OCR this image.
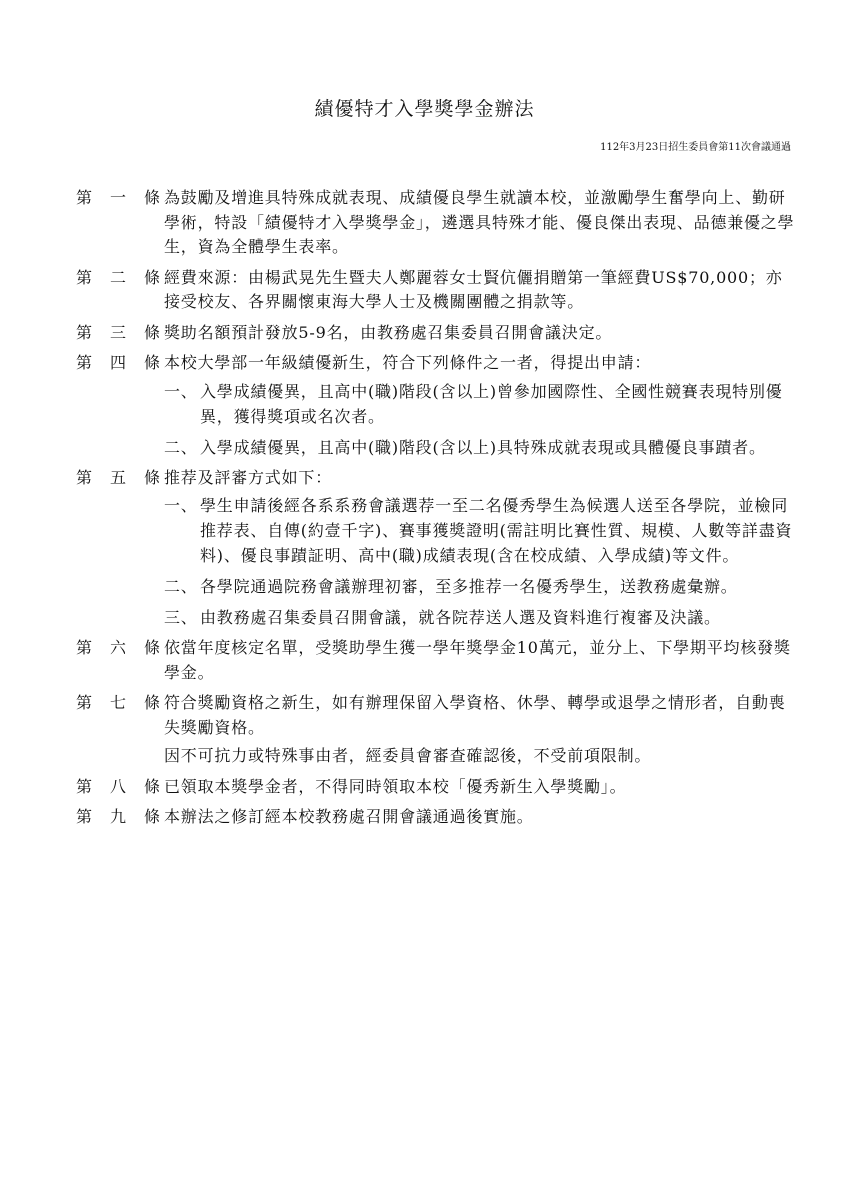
績優特才入學獎學金辦法
112年3月23日招生委員會第11次會議通過
第 一 條 為鼓勵及增進具特殊成就表現、成績優良學生就讀本校，並激勵學生奮學向上、勤研學術，特設「績優特才入學獎學金」，遴選具特殊才能、優良傑出表現、品德兼優之學生，資為全體學生表率。
第 二 條 經費來源：由楊武晃先生暨夫人鄭麗蓉女士賢伉儷捐贈第一筆經費US$70,000；亦接受校友、各界關懷東海大學人士及機關團體之捐款等。
第 三 條 獎助名額預計發放5-9名，由教務處召集委員召開會議決定。
第 四 條 本校大學部一年級績優新生，符合下列條件之一者，得提出申請：
一、 入學成績優異，且高中(職)階段(含以上)曾參加國際性、全國性競賽表現特別優異，獲得獎項或名次者。
二、 入學成績優異，且高中(職)階段(含以上)具特殊成就表現或具體優良事蹟者。
第 五 條 推荐及評審方式如下：
一、 學生申請後經各系系務會議選荐一至二名優秀學生為候選人送至各學院，並檢同推荐表、自傳(約壹千字)、賽事獲獎證明(需註明比賽性質、規模、人數等詳盡資料)、優良事蹟証明、高中(職)成績表現(含在校成績、入學成績)等文件。
二、 各學院通過院務會議辦理初審，至多推荐一名優秀學生，送教務處彙辦。
三、 由教務處召集委員召開會議，就各院荐送人選及資料進行複審及決議。
第 六 條 依當年度核定名單，受獎助學生獲一學年獎學金10萬元，並分上、下學期平均核發獎學金。
第 七 條 符合獎勵資格之新生，如有辦理保留入學資格、休學、轉學或退學之情形者，自動喪失獎勵資格。
因不可抗力或特殊事由者，經委員會審查確認後，不受前項限制。
第 八 條 已領取本獎學金者，不得同時領取本校「優秀新生入學獎勵」。
第 九 條 本辦法之修訂經本校教務處召開會議通過後實施。
